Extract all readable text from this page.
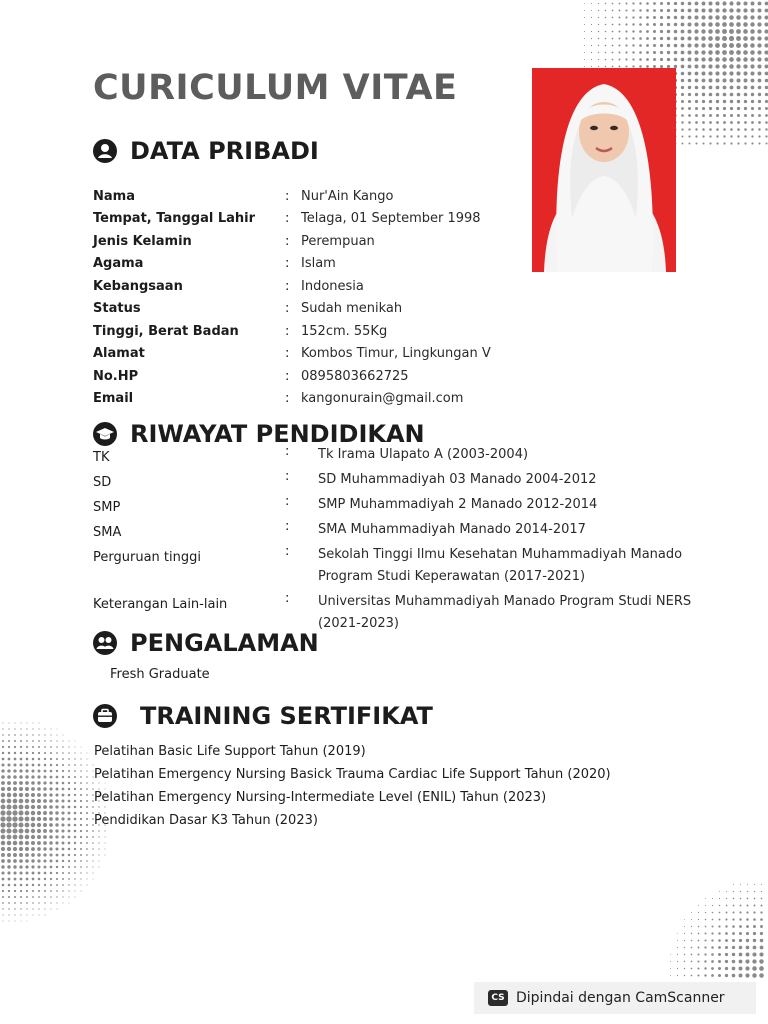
CURICULUM VITAE
DATA PRIBADI
Nama	: Nur'Ain Kango
Tempat, Tanggal Lahir	: Telaga, 01 September 1998
Jenis Kelamin	: Perempuan
Agama	: Islam
Kebangsaan	: Indonesia
Status	: Sudah menikah
Tinggi, Berat Badan	: 152cm. 55Kg
Alamat	: Kombos Timur, Lingkungan V
No.HP	: 0895803662725
Email	: kangonurain@gmail.com
RIWAYAT PENDIDIKAN
TK	:	Tk Irama Ulapato A (2003-2004)
SD	:	SD Muhammadiyah 03 Manado 2004-2012
SMP	:	SMP Muhammadiyah 2 Manado 2012-2014
SMA	:	SMA Muhammadiyah Manado 2014-2017
Perguruan tinggi	:	Sekolah Tinggi Ilmu Kesehatan Muhammadiyah Manado Program Studi Keperawatan (2017-2021)
Keterangan Lain-lain	:	Universitas Muhammadiyah Manado Program Studi NERS (2021-2023)
PENGALAMAN
Fresh Graduate
TRAINING SERTIFIKAT
Pelatihan Basic Life Support Tahun (2019)
Pelatihan Emergency Nursing Basick Trauma Cardiac Life Support Tahun (2020)
Pelatihan Emergency Nursing-Intermediate Level (ENIL) Tahun (2023)
Pendidikan Dasar K3 Tahun (2023)
CS Dipindai dengan CamScanner
